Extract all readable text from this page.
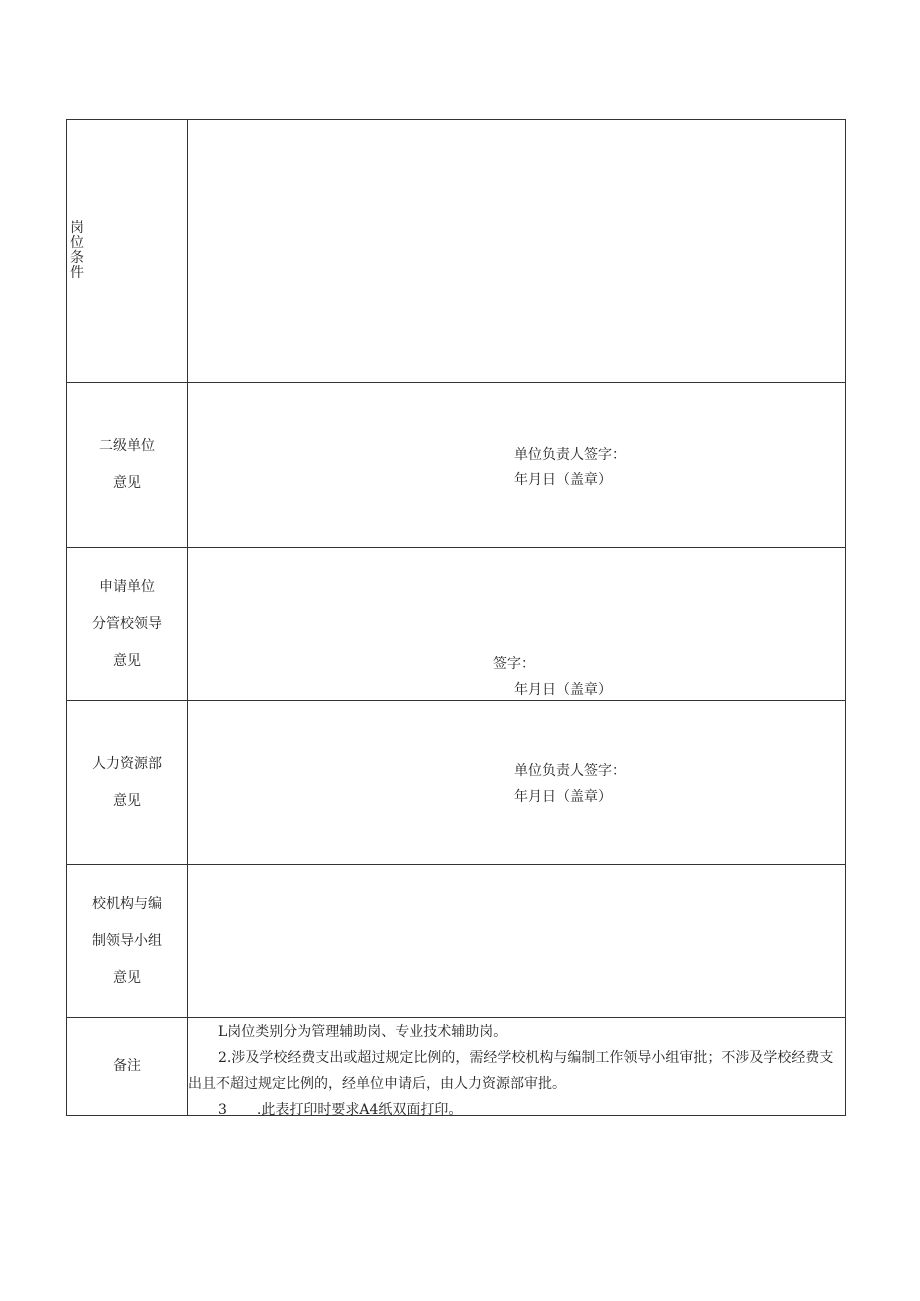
岗位条件
二级单位
意见
单位负责人签字：
年月日（盖章）
申请单位
分管校领导
意见	签字：
年月日（盖章）
人力资源部
意见
单位负责人签字：
年月日（盖章）
校机构与编
制领导小组
意见
备注

L岗位类别分为管理辅助岗、专业技术辅助岗。

2.涉及学校经费支出或超过规定比例的，需经学校机构与编制工作领导小组审批；不涉及学校经费支出且不超过规定比例的，经单位申请后，由人力资源部审批。

3 .此表打印时要求A4纸双面打印。
